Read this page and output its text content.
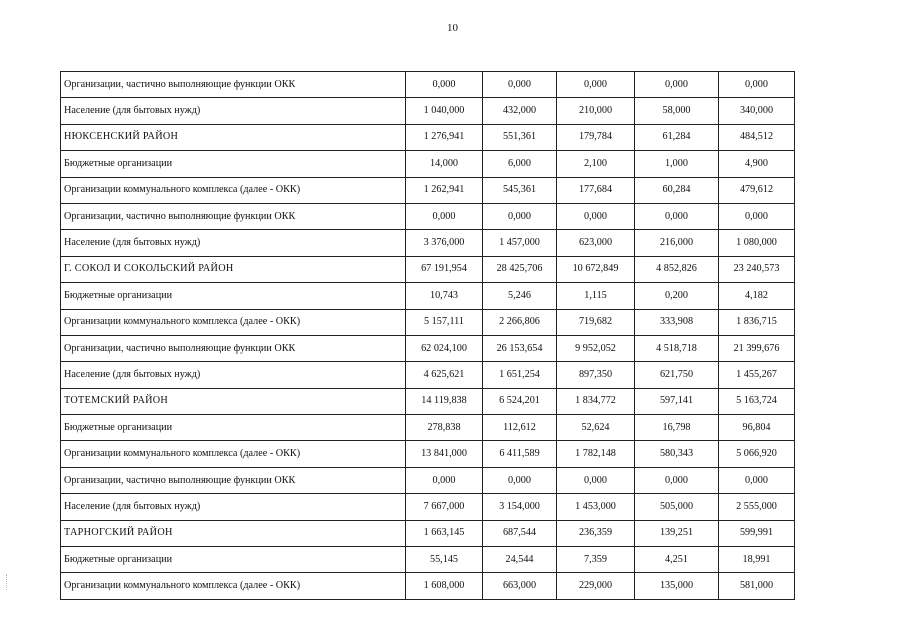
10
Организации, частично выполняющие функции ОКК	0,000	0,000	0,000	0,000	0,000
Население (для бытовых нужд)	1 040,000	432,000	210,000	58,000	340,000
НЮКСЕНСКИЙ РАЙОН	1 276,941	551,361	179,784	61,284	484,512
Бюджетные организации	14,000	6,000	2,100	1,000	4,900
Организации коммунального комплекса (далее - ОКК)	1 262,941	545,361	177,684	60,284	479,612
Организации, частично выполняющие функции ОКК	0,000	0,000	0,000	0,000	0,000
Население (для бытовых нужд)	3 376,000	1 457,000	623,000	216,000	1 080,000
Г. СОКОЛ И СОКОЛЬСКИЙ РАЙОН	67 191,954	28 425,706	10 672,849	4 852,826	23 240,573
Бюджетные организации	10,743	5,246	1,115	0,200	4,182
Организации коммунального комплекса (далее - ОКК)	5 157,111	2 266,806	719,682	333,908	1 836,715
Организации, частично выполняющие функции ОКК	62 024,100	26 153,654	9 952,052	4 518,718	21 399,676
Население (для бытовых нужд)	4 625,621	1 651,254	897,350	621,750	1 455,267
ТОТЕМСКИЙ РАЙОН	14 119,838	6 524,201	1 834,772	597,141	5 163,724
Бюджетные организации	278,838	112,612	52,624	16,798	96,804
Организации коммунального комплекса (далее - ОКК)	13 841,000	6 411,589	1 782,148	580,343	5 066,920
Организации, частично выполняющие функции ОКК	0,000	0,000	0,000	0,000	0,000
Население (для бытовых нужд)	7 667,000	3 154,000	1 453,000	505,000	2 555,000
ТАРНОГСКИЙ РАЙОН	1 663,145	687,544	236,359	139,251	599,991
Бюджетные организации	55,145	24,544	7,359	4,251	18,991
Организации коммунального комплекса (далее - ОКК)	1 608,000	663,000	229,000	135,000	581,000
